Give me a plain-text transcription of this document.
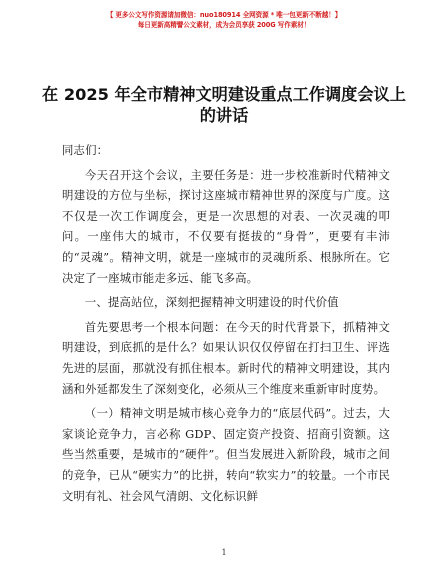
【 更多公文写作资源请加微信：nuo180914 全网资源 * 唯一包更新不断越！】
每日更新高精譬公文素材，成为会员享获 200G 写作素材！
在 2025 年全市精神文明建设重点工作调度会议上的讲话

同志们：

今天召开这个会议，主要任务是：进一步校准新时代精神文明建设的方位与坐标，探讨这座城市精神世界的深度与广度。这不仅是一次工作调度会，更是一次思想的对表、一次灵魂的叩问。一座伟大的城市，不仅要有挺拔的“身骨”，更要有丰沛的“灵魂”。精神文明，就是一座城市的灵魂所系、根脉所在。它决定了一座城市能走多远、能飞多高。

一、提高站位，深刻把握精神文明建设的时代价值

首先要思考一个根本问题：在今天的时代背景下，抓精神文明建设，到底抓的是什么？如果认识仅仅停留在打扫卫生、评选先进的层面，那就没有抓住根本。新时代的精神文明建设，其内涵和外延都发生了深刻变化，必须从三个维度来重新审时度势。

（一）精神文明是城市核心竞争力的“底层代码”。过去，大家谈论竞争力，言必称 GDP、固定资产投资、招商引资额。这些当然重要，是城市的“硬件”。但当发展进入新阶段，城市之间的竞争，已从“硬实力”的比拼，转向“软实力”的较量。一个市民文明有礼、社会风气清朗、文化标识鲜

1
